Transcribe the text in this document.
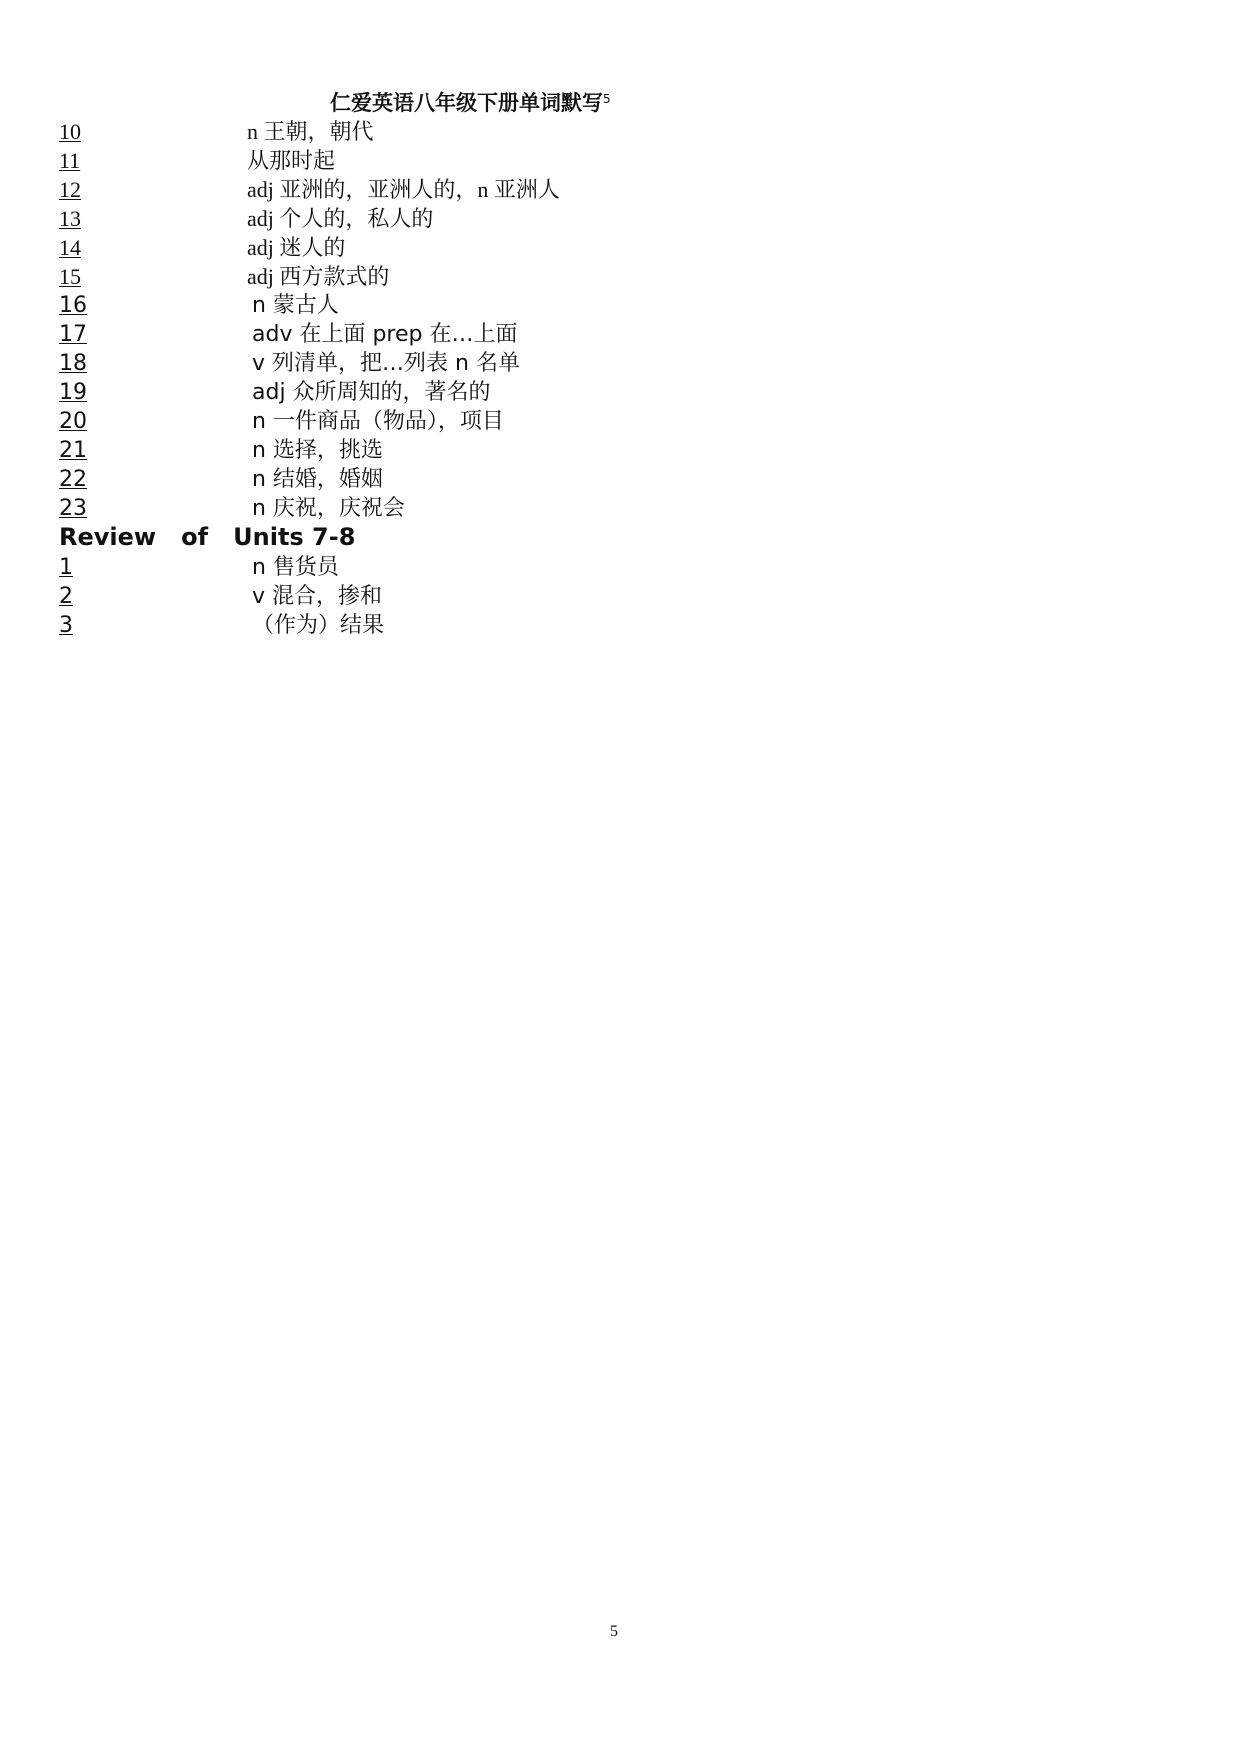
仁爱英语八年级下册单词默写$^5$
10	n 王朝，朝代
11	从那时起
12	adj 亚洲的，亚洲人的，n 亚洲人
13	adj 个人的，私人的
14	adj 迷人的
15	adj 西方款式的
16	n 蒙古人
17	adv 在上面 prep 在…上面
18	v 列清单，把…列表 n 名单
19	adj 众所周知的，著名的
20	n 一件商品（物品），项目
21	n 选择，挑选
22	n 结婚，婚姻
23	n 庆祝，庆祝会
Review   of   Units 7-8
1	n 售货员
2	v 混合，掺和
3	（作为）结果
5
